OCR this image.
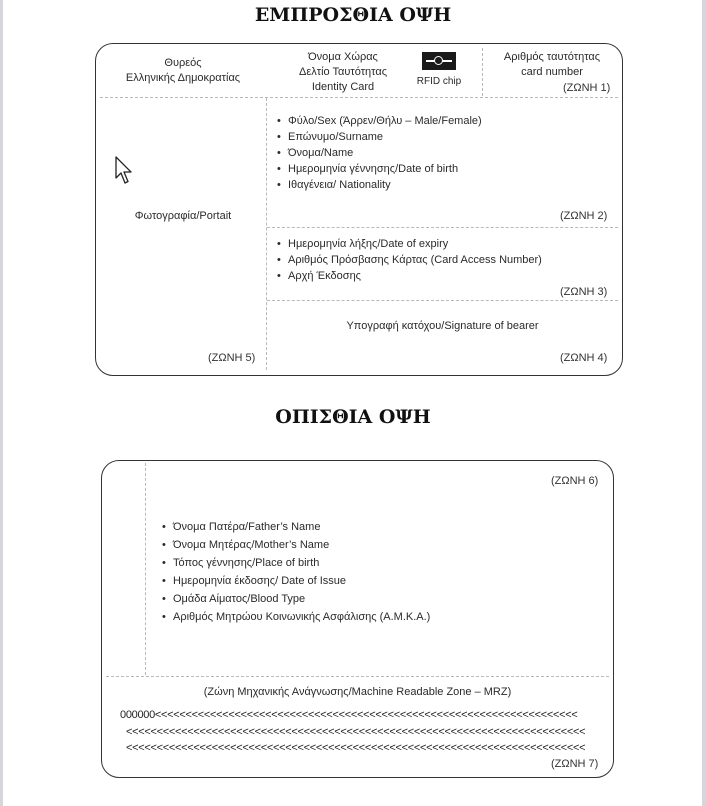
ΕΜΠΡΟΣΘΙΑ ΟΨΗ
Θυρεός
Ελληνικής Δημοκρατίας
Όνομα Χώρας
Δελτίο Ταυτότητας
Identity Card	RFID chip
Αριθμός ταυτότητας
card number
(ΖΩΝΗ 1)
Φωτογραφία/Portait
(ΖΩΝΗ 5)
• Φύλο/Sex (Άρρεν/Θήλυ – Male/Female)
• Επώνυμο/Surname
• Όνομα/Name
• Ημερομηνία γέννησης/Date of birth
• Ιθαγένεια/ Nationality
(ΖΩΝΗ 2)
• Ημερομηνία λήξης/Date of expiry
• Αριθμός Πρόσβασης Κάρτας (Card Access Number)
• Αρχή Έκδοσης
(ΖΩΝΗ 3)
Υπογραφή κατόχου/Signature of bearer
(ΖΩΝΗ 4)
ΟΠΙΣΘΙΑ ΟΨΗ
(ΖΩΝΗ 6)
• Όνομα Πατέρα/Father’s Name
• Όνομα Μητέρας/Mother’s Name
• Τόπος γέννησης/Place of birth
• Ημερομηνία έκδοσης/ Date of Issue
• Ομάδα Αίματος/Blood Type
• Αριθμός Μητρώου Κοινωνικής Ασφάλισης (Α.Μ.Κ.Α.)
(Ζώνη Μηχανικής Ανάγνωσης/Machine Readable Zone – MRZ)
000000<<<<<<<<<<<<<<<<<<<<<<<<<<<<<<<<<<<<<<<<<<<<<<<<<<<<<<<<<<<<<<<<<<<<<
<<<<<<<<<<<<<<<<<<<<<<<<<<<<<<<<<<<<<<<<<<<<<<<<<<<<<<<<<<<<<<<<<<<<<<<<<<<
<<<<<<<<<<<<<<<<<<<<<<<<<<<<<<<<<<<<<<<<<<<<<<<<<<<<<<<<<<<<<<<<<<<<<<<<<<<
(ΖΩΝΗ 7)
